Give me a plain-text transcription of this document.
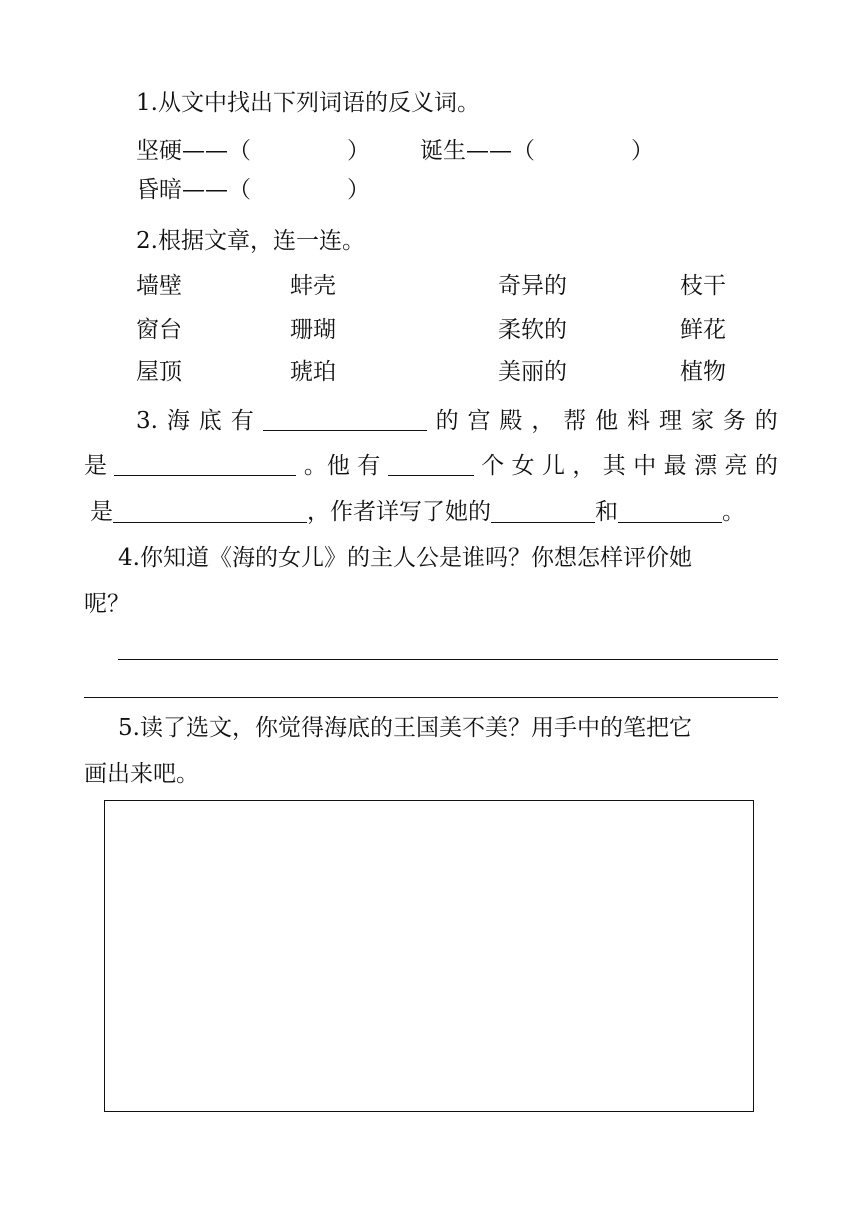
1.从文中找出下列词语的反义词。
坚硬——（	） 诞生——（	）
昏暗——（	）
2.根据文章，连一连。
墙壁	蚌壳	奇异的	枝干
窗台	珊瑚	柔软的	鲜花
屋顶	琥珀	美丽的	植物
3. 海 底 有	的 宫 殿 ， 帮 他 料 理 家 务 的
是	。他 有	个 女 儿 ， 其 中 最 漂 亮 的
是	，作者详写了她的	和	。
4.你知道《海的女儿》的主人公是谁吗？你想怎样评价她
呢？
5.读了选文，你觉得海底的王国美不美？用手中的笔把它
画出来吧。
